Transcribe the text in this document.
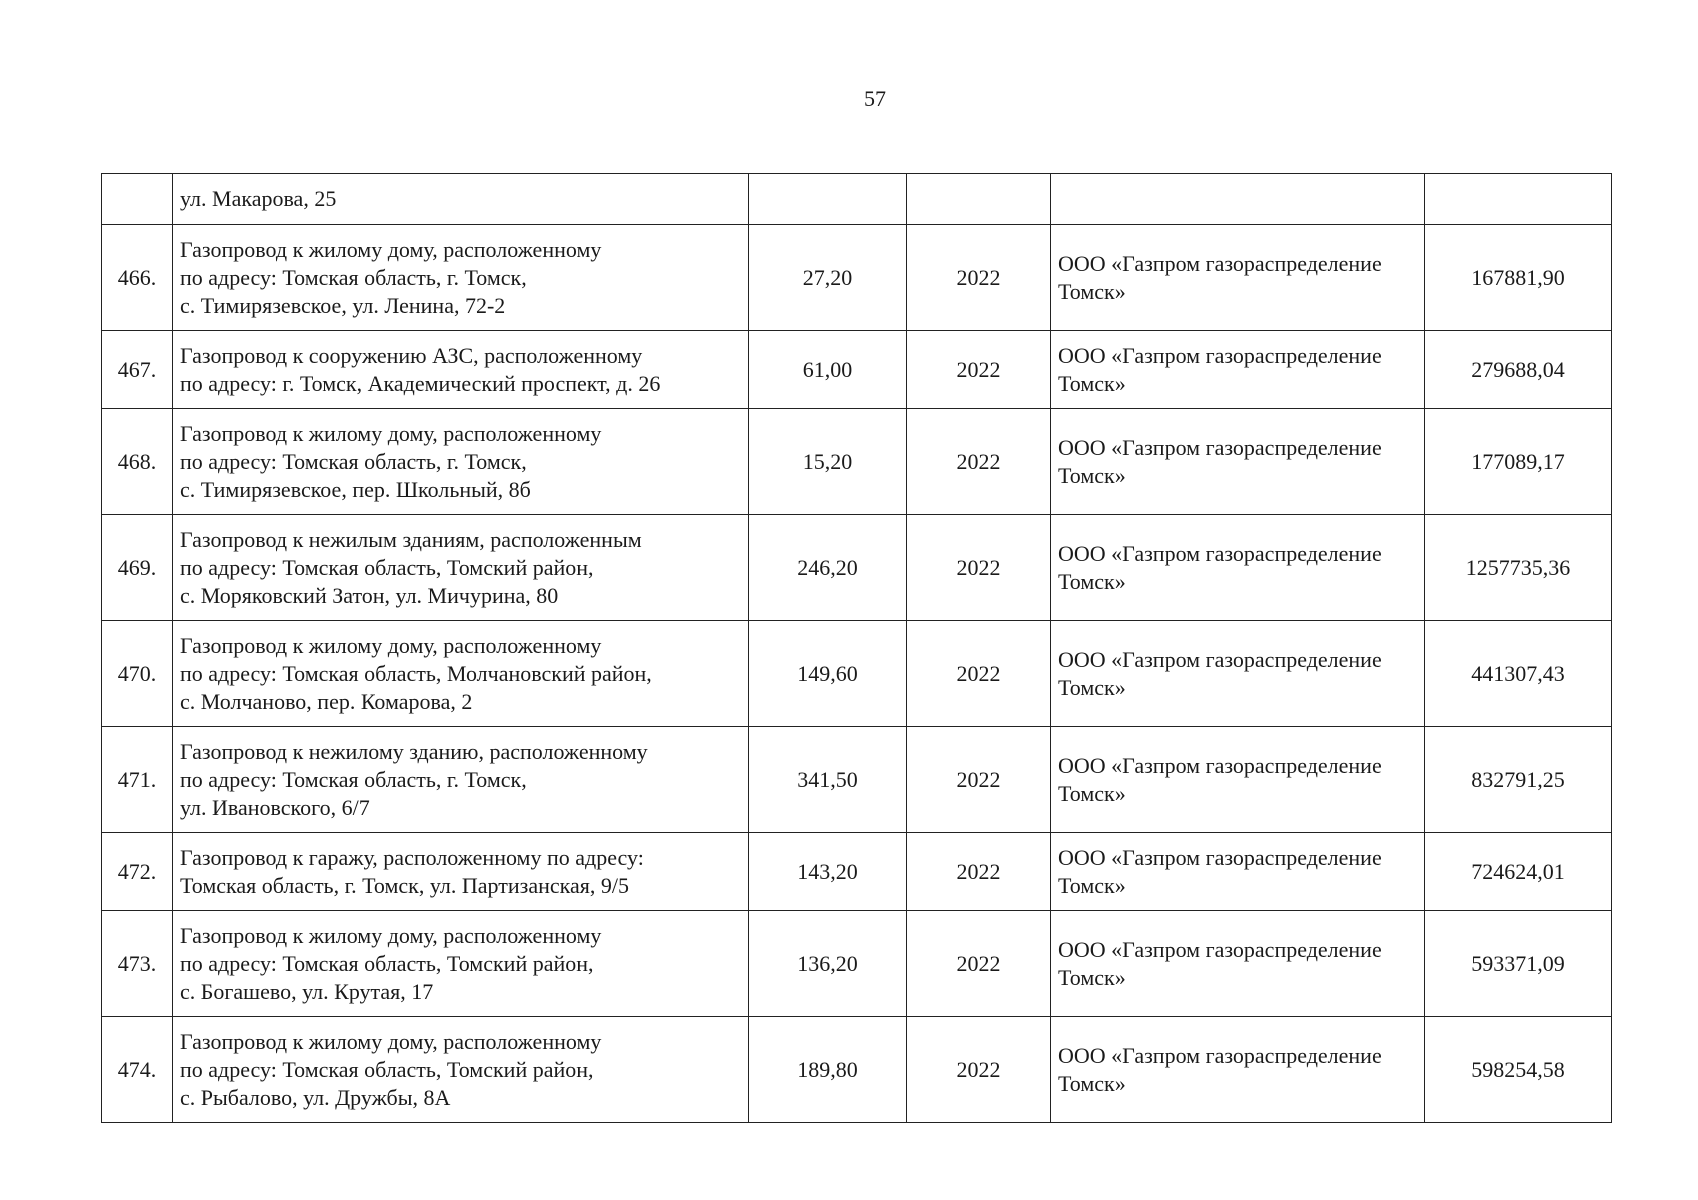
57

	ул. Макарова, 25				

466.	Газопровод к жилому дому, расположенному
по адресу: Томская область, г. Томск,
с. Тимирязевское, ул. Ленина, 72-2	27,20	2022	ООО «Газпром газораспределение Томск»	167881,90
467.	Газопровод к сооружению АЗС, расположенному
по адресу: г. Томск, Академический проспект, д. 26	61,00	2022	ООО «Газпром газораспределение Томск»	279688,04
468.	Газопровод к жилому дому, расположенному
по адресу: Томская область, г. Томск,
с. Тимирязевское, пер. Школьный, 8б	15,20	2022	ООО «Газпром газораспределение Томск»	177089,17
469.	Газопровод к нежилым зданиям, расположенным
по адресу: Томская область, Томский район,
с. Моряковский Затон, ул. Мичурина, 80	246,20	2022	ООО «Газпром газораспределение Томск»	1257735,36
470.	Газопровод к жилому дому, расположенному
по адресу: Томская область, Молчановский район,
с. Молчаново, пер. Комарова, 2	149,60	2022	ООО «Газпром газораспределение Томск»	441307,43
471.	Газопровод к нежилому зданию, расположенному
по адресу: Томская область, г. Томск,
ул. Ивановского, 6/7	341,50	2022	ООО «Газпром газораспределение Томск»	832791,25
472.	Газопровод к гаражу, расположенному по адресу:
Томская область, г. Томск, ул. Партизанская, 9/5	143,20	2022	ООО «Газпром газораспределение Томск»	724624,01
473.	Газопровод к жилому дому, расположенному
по адресу: Томская область, Томский район,
с. Богашево, ул. Крутая, 17	136,20	2022	ООО «Газпром газораспределение Томск»	593371,09
474.	Газопровод к жилому дому, расположенному
по адресу: Томская область, Томский район,
с. Рыбалово, ул. Дружбы, 8А	189,80	2022	ООО «Газпром газораспределение Томск»	598254,58
